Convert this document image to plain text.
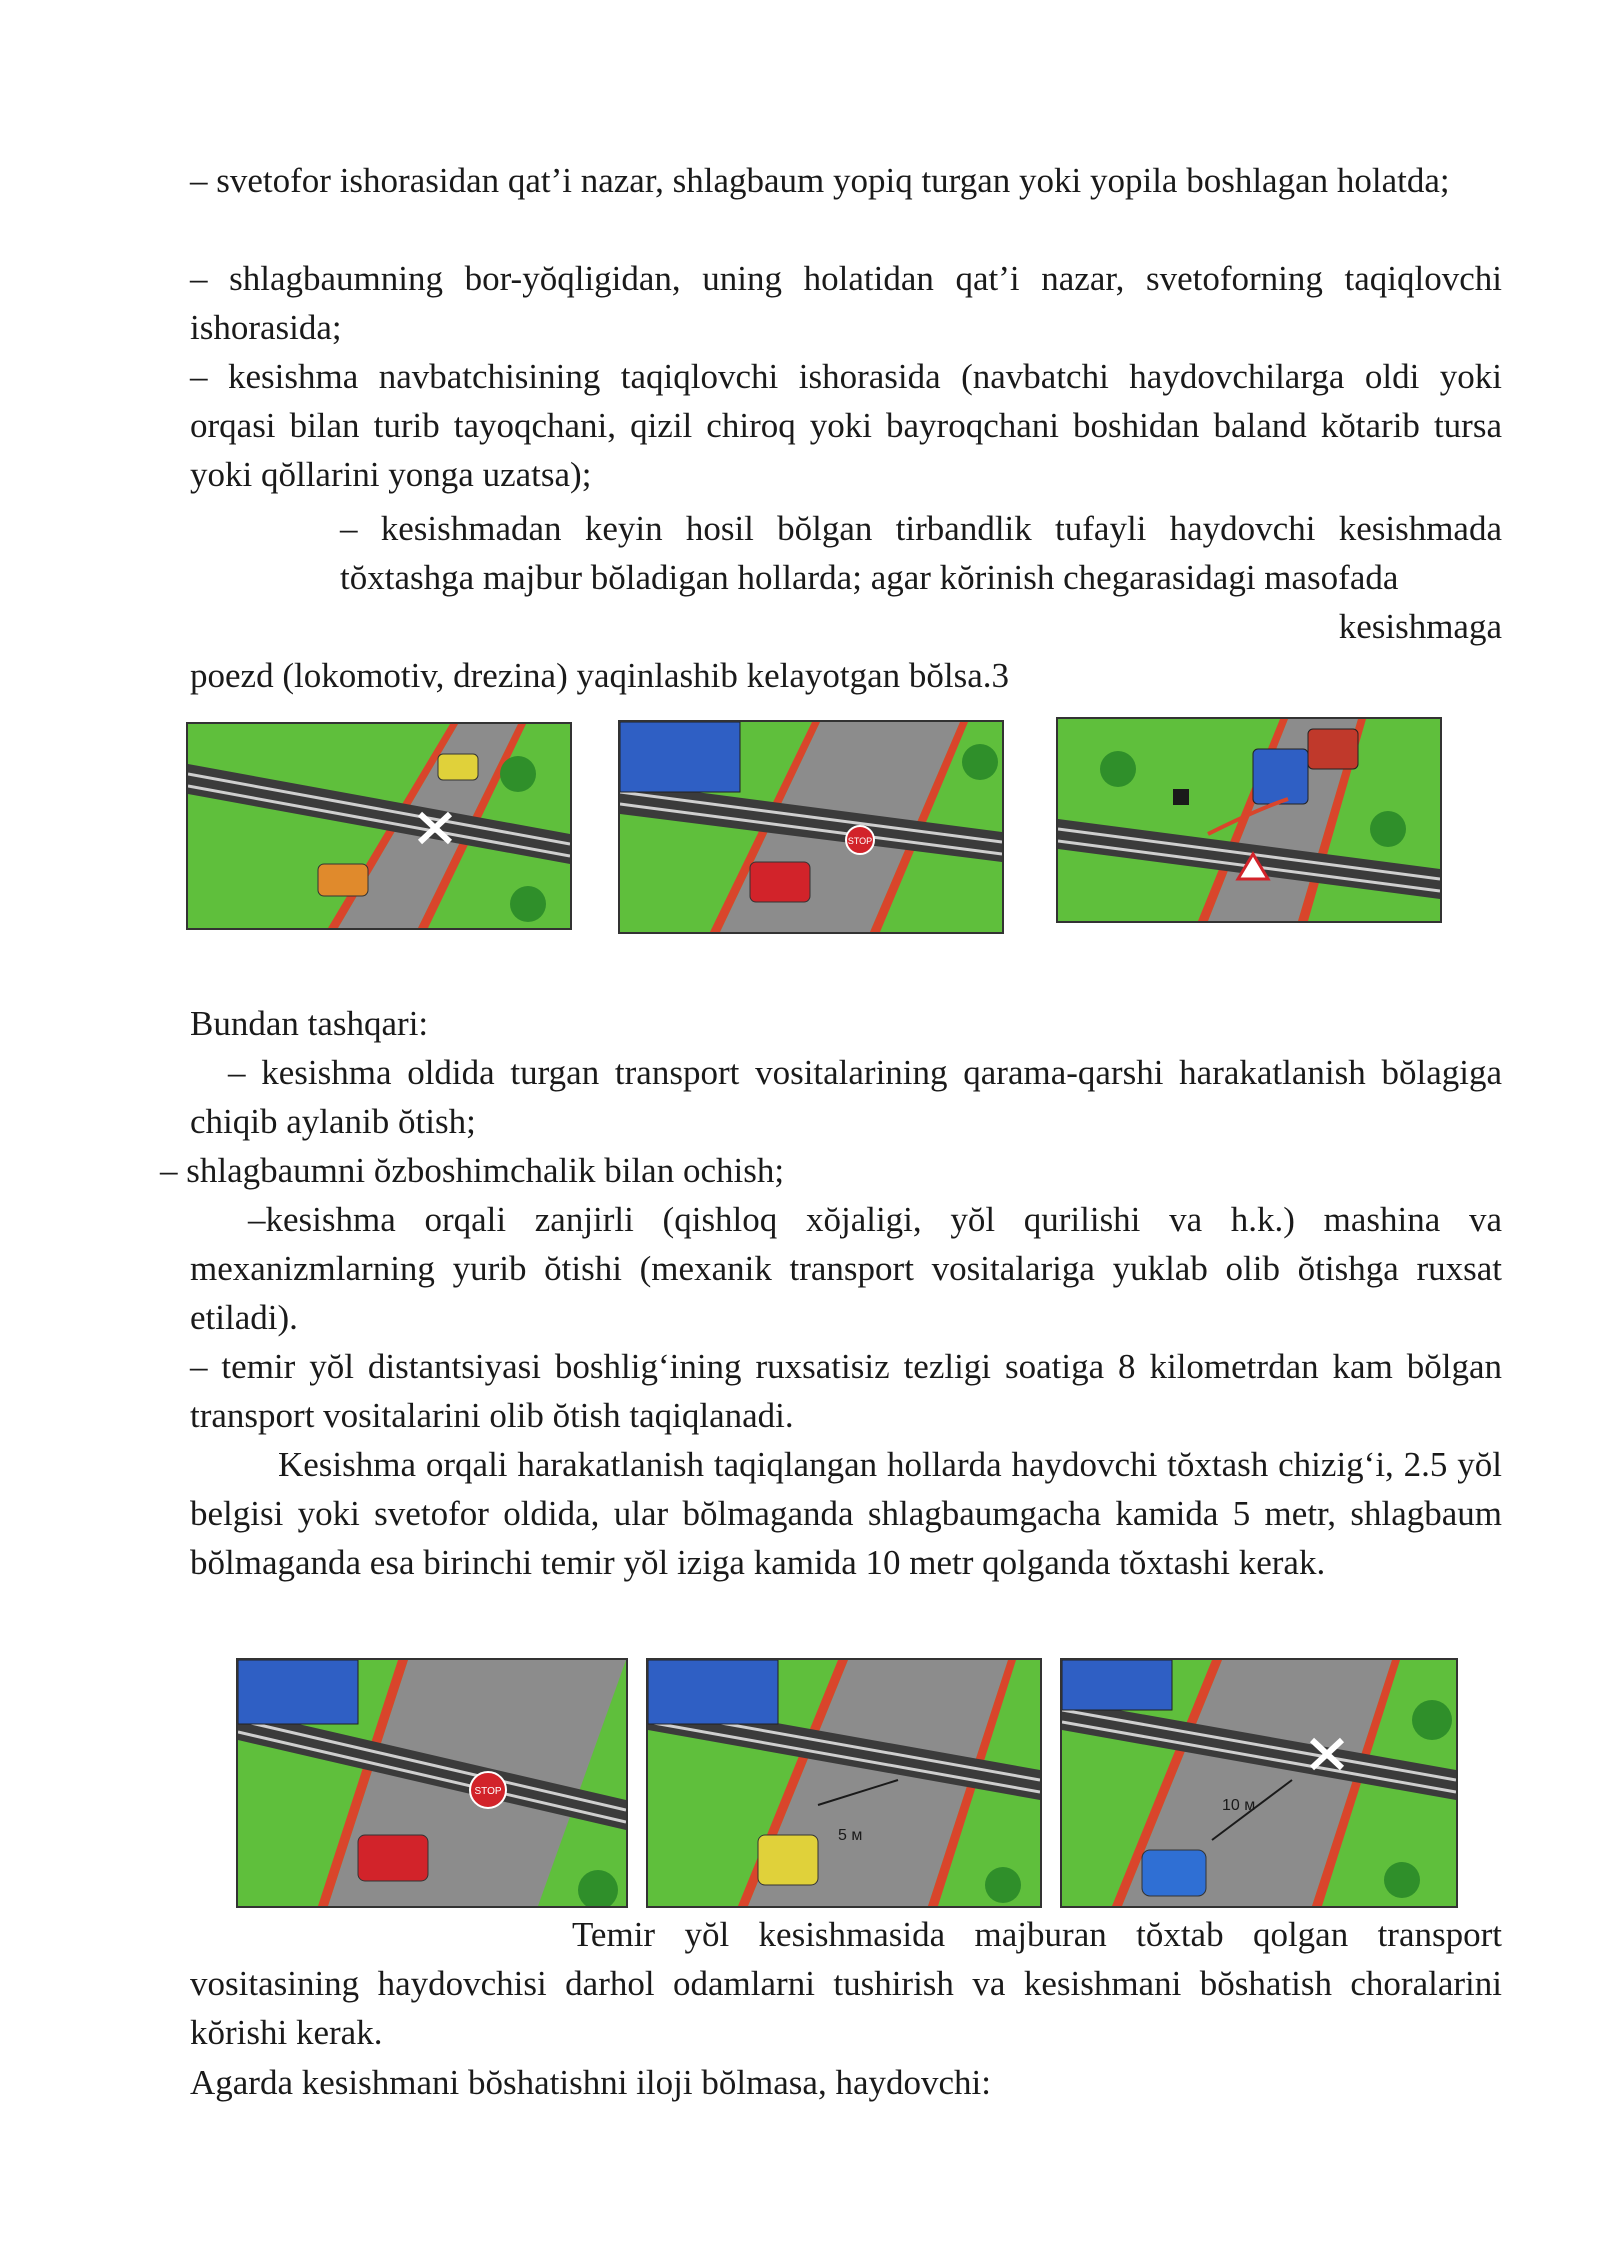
– svetofor ishorasidan qat’i nazar, shlagbaum yopiq turgan yoki yopila boshlagan holatda;

– shlagbaumning bor-yŏqligidan, uning holatidan qat’i nazar, svetoforning taqiqlovchi ishorasida;

– kesishma navbatchisining taqiqlovchi ishorasida (navbatchi haydovchilarga oldi yoki orqasi bilan turib tayoqchani, qizil chiroq yoki bayroqchani boshidan baland kŏtarib tursa yoki qŏllarini yonga uzatsa);

– kesishmadan keyin hosil bŏlgan tirbandlik tufayli haydovchi kesishmada tŏxtashga majbur bŏladigan hollarda; agar kŏrinish chegarasidagi masofada
kesishmaga

poezd (lokomotiv, drezina) yaqinlashib kelayotgan bŏlsa.3

STOP

Bundan tashqari:

– kesishma oldida turgan transport vositalarining qarama-qarshi harakatlanish bŏlagiga chiqib aylanib ŏtish;

– shlagbaumni ŏzboshimchalik bilan ochish;

–kesishma orqali zanjirli (qishloq xŏjaligi, yŏl qurilishi va h.k.) mashina va mexanizmlarning yurib ŏtishi (mexanik transport vositalariga yuklab olib ŏtishga ruxsat etiladi).

– temir yŏl distantsiyasi boshlig‘ining ruxsatisiz tezligi soatiga 8 kilometrdan kam bŏlgan transport vositalarini olib ŏtish taqiqlanadi.

Kesishma orqali harakatlanish taqiqlangan hollarda haydovchi tŏxtash chizig‘i, 2.5 yŏl belgisi yoki svetofor oldida, ular bŏlmaganda shlagbaumgacha kamida 5 metr, shlagbaum bŏlmaganda esa birinchi temir yŏl iziga kamida 10 metr qolganda tŏxtashi kerak.

STOP
5 м
10 м

Temir yŏl kesishmasida majburan tŏxtab qolgan transport vositasining haydovchisi darhol odamlarni tushirish va kesishmani bŏshatish choralarini kŏrishi kerak.

Agarda kesishmani bŏshatishni iloji bŏlmasa, haydovchi:
